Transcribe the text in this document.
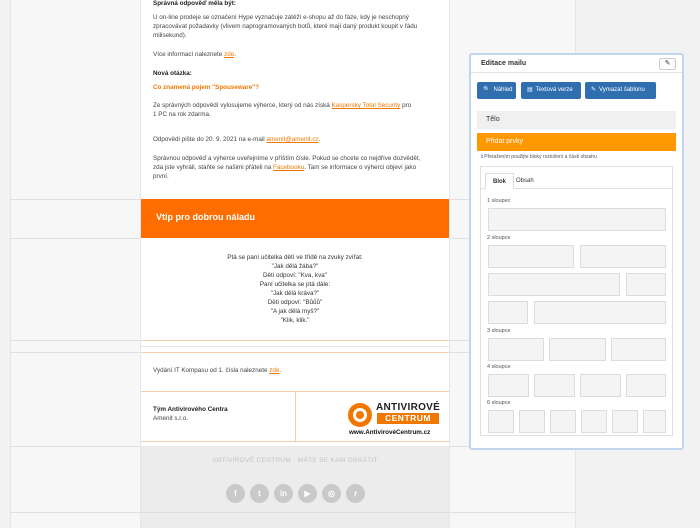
Správná odpověď měla být:
U on-line prodeje se označení Hype vyznačuje zátěží e-shopu až do fáze, kdy je neschopný
zpracovávat požadavky (vlivem naprogramovaných botů, které mají daný produkt koupit v řádu
milisekund).
Více informací naleznete zde.
Nová otázka:
Co znamená pojem "Spouseware"?
Ze správných odpovědí vylosujeme výherce, který od nás získá Kaspersky Total Security pro
1 PC na rok zdarma.
Odpovědi pište do 20. 9. 2021 na e-mail amenit@amenit.cz.
Správnou odpověď a výherce uveřejníme v příštím čísle. Pokud se chcete co nejdříve dozvědět,
zda jste vyhráli, staňte se našimi přáteli na Facebooku. Tam se informace o výherci objeví jako
první.
Vtip pro dobrou náladu
Ptá se paní učitelka dětí ve třídě na zvuky zvířat:
"Jak dělá žába?"
Děti odpoví: "Kva, kva"
Paní učitelka se ptá dále:
"Jak dělá kráva?"
Děti odpoví: "Bůůů"
"A jak dělá myš?"
"Klik, klik."
Vydání IT Kompasu od 1. čísla naleznete zde.
Tým Antivirového Centra
Amenit s.r.o.
ANTIVIROVÉ
CENTRUM
www.AntivirovéCentrum.cz
ANTIVIROVÉ CENTRUM - MÁTE SE KAM OBRÁTIT
f	t	in	▶	◎	ɾ
Editace mailu	✎
🔍 Náhled	▤ Textová verze	✎ Vymazat šablonu
Tělo
Přidat prvky
ℹ Přetažením použijte bloky rozložení a části obsahu
Blok	Obsah
1 sloupec
2 sloupce
3 sloupce
4 sloupce
6 sloupce
